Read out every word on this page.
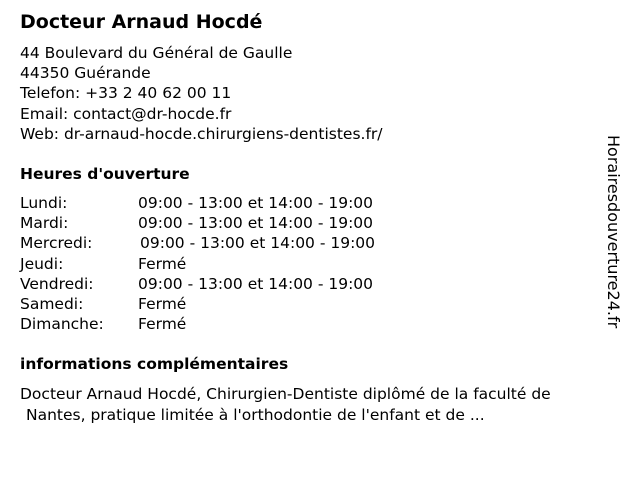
Docteur Arnaud Hocdé
44 Boulevard du Général de Gaulle
44350 Guérande
Telefon: +33 2 40 62 00 11
Email: contact@dr-hocde.fr
Web: dr-arnaud-hocde.chirurgiens-dentistes.fr/
Heures d'ouverture
Lundi:	09:00 - 13:00 et 14:00 - 19:00
Mardi:	09:00 - 13:00 et 14:00 - 19:00
Mercredi:	09:00 - 13:00 et 14:00 - 19:00
Jeudi:	Fermé
Vendredi:	09:00 - 13:00 et 14:00 - 19:00
Samedi:	Fermé
Dimanche: Fermé
informations complémentaires
Docteur Arnaud Hocdé, Chirurgien-Dentiste diplômé de la faculté de
Nantes, pratique limitée à l'orthodontie de l'enfant et de ...
Horairesdouverture24.fr
